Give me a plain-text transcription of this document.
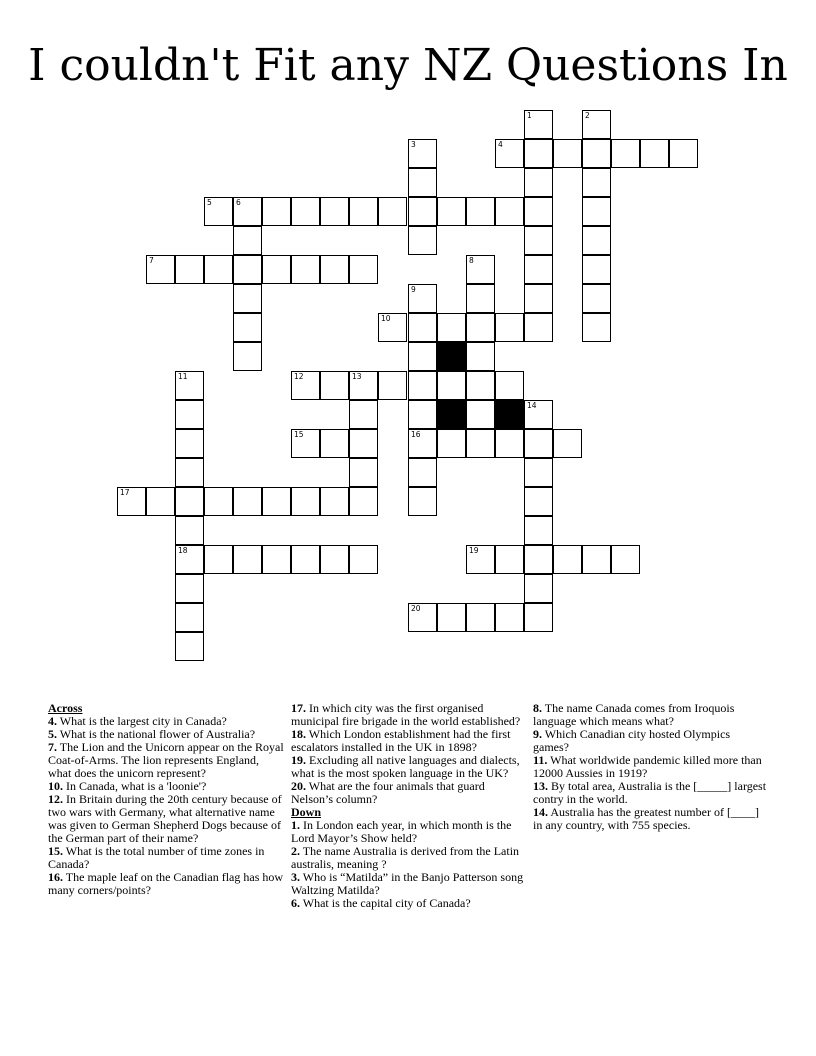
I couldn't Fit any NZ Questions In
1	2
3	4
5	6
7	8
9
10
11	12	13
14
15	16
17
18	19
20
Across
4. What is the largest city in Canada?
5. What is the national flower of Australia?
7. The Lion and the Unicorn appear on the Royal Coat-of-Arms. The lion represents England, what does the unicorn represent?
10. In Canada, what is a 'loonie'?
12. In Britain during the 20th century because of two wars with Germany, what alternative name was given to German Shepherd Dogs because of the German part of their name?
15. What is the total number of time zones in Canada?
16. The maple leaf on the Canadian flag has how many corners/points?
17. In which city was the first organised municipal fire brigade in the world established?
18. Which London establishment had the first escalators installed in the UK in 1898?
19. Excluding all native languages and dialects, what is the most spoken language in the UK?
20. What are the four animals that guard Nelson’s column?
Down
1. In London each year, in which month is the Lord Mayor’s Show held?
2. The name Australia is derived from the Latin australis, meaning ?
3. Who is “Matilda” in the Banjo Patterson song Waltzing Matilda?
6. What is the capital city of Canada?
8. The name Canada comes from Iroquois language which means what?
9. Which Canadian city hosted Olympics games?
11. What worldwide pandemic killed more than 12000 Aussies in 1919?
13. By total area, Australia is the [_____] largest contry in the world.
14. Australia has the greatest number of [____] in any country, with 755 species.
